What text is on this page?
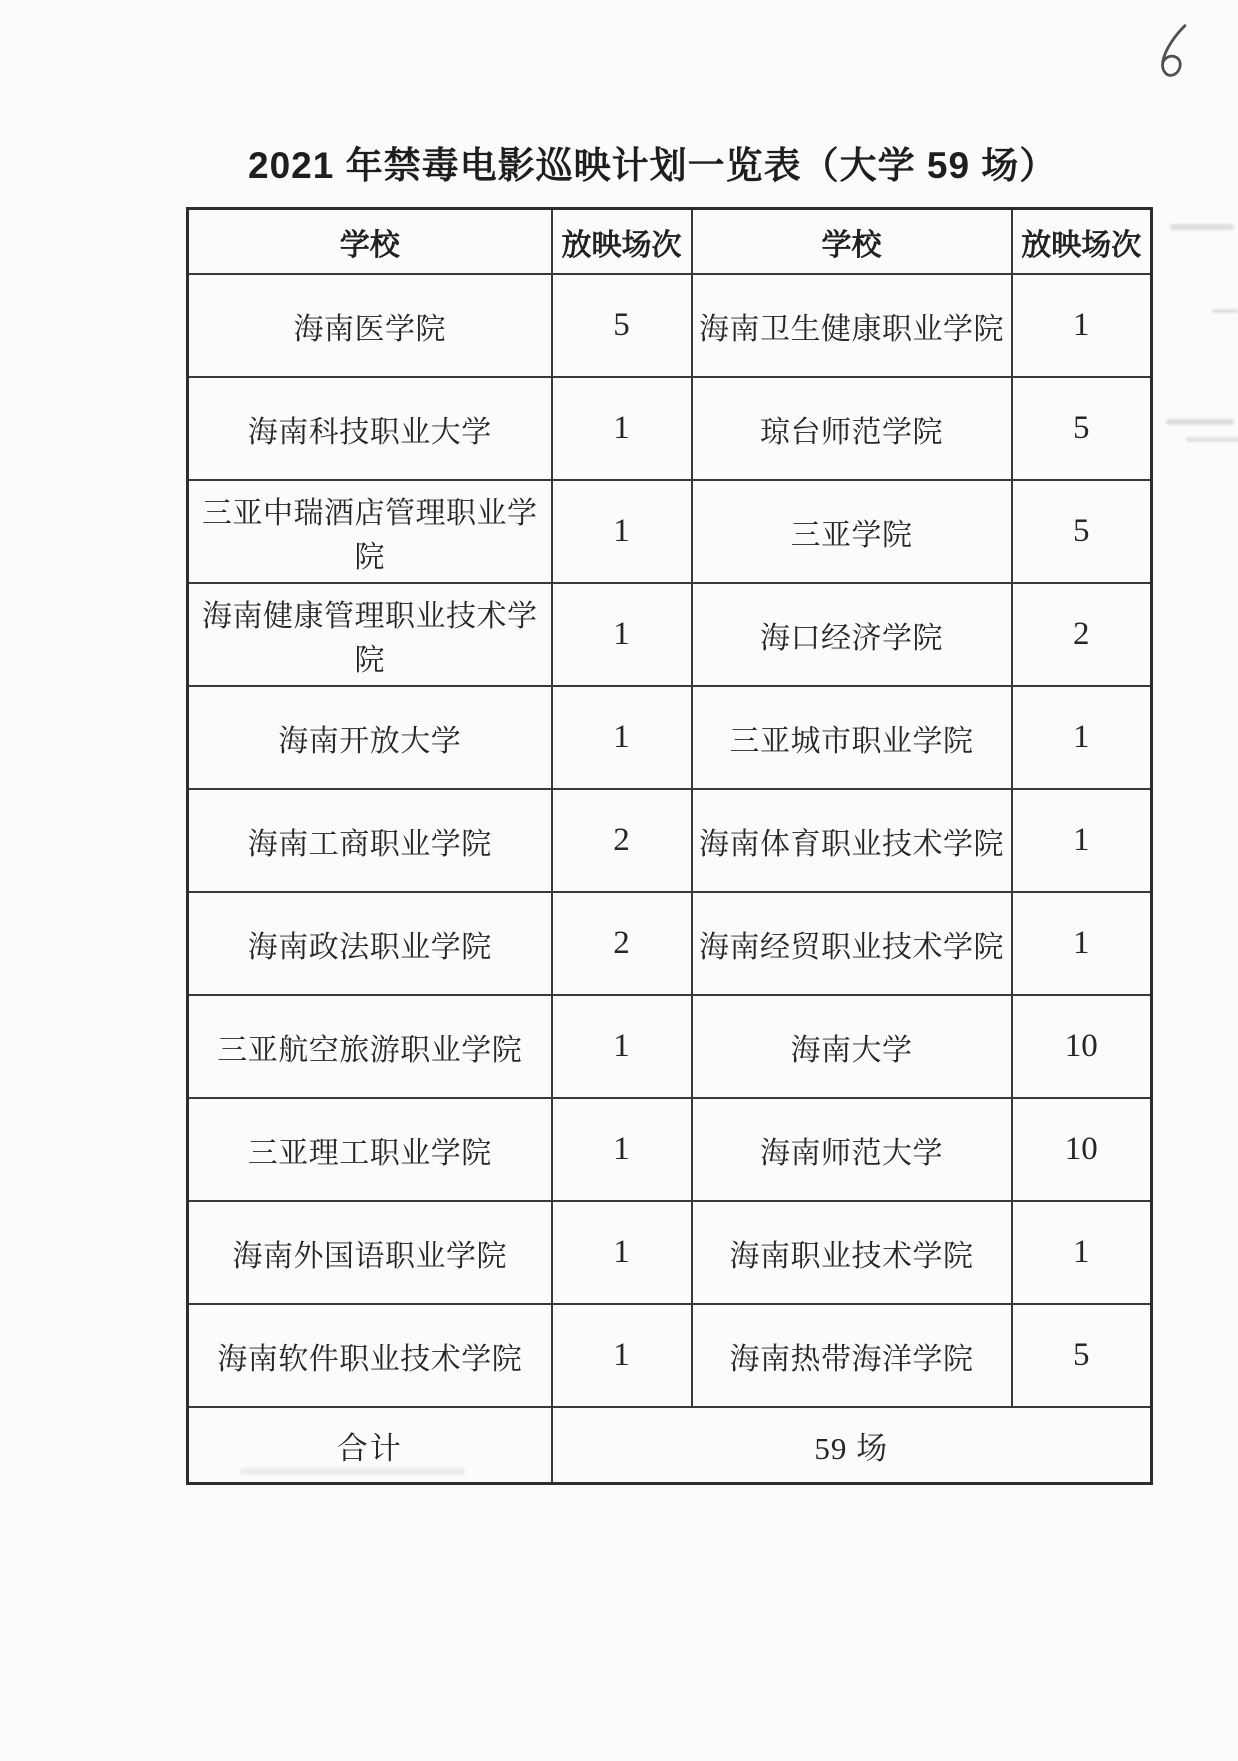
2021 年禁毒电影巡映计划一览表（大学 59 场）
学校	放映场次	学校	放映场次
海南医学院	5	海南卫生健康职业学院	1
海南科技职业大学	1	琼台师范学院	5
三亚中瑞酒店管理职业学院	1	三亚学院	5
海南健康管理职业技术学院	1	海口经济学院	2
海南开放大学	1	三亚城市职业学院	1
海南工商职业学院	2	海南体育职业技术学院	1
海南政法职业学院	2	海南经贸职业技术学院	1
三亚航空旅游职业学院	1	海南大学	10
三亚理工职业学院	1	海南师范大学	10
海南外国语职业学院	1	海南职业技术学院	1
海南软件职业技术学院	1	海南热带海洋学院	5
合计	59 场		
